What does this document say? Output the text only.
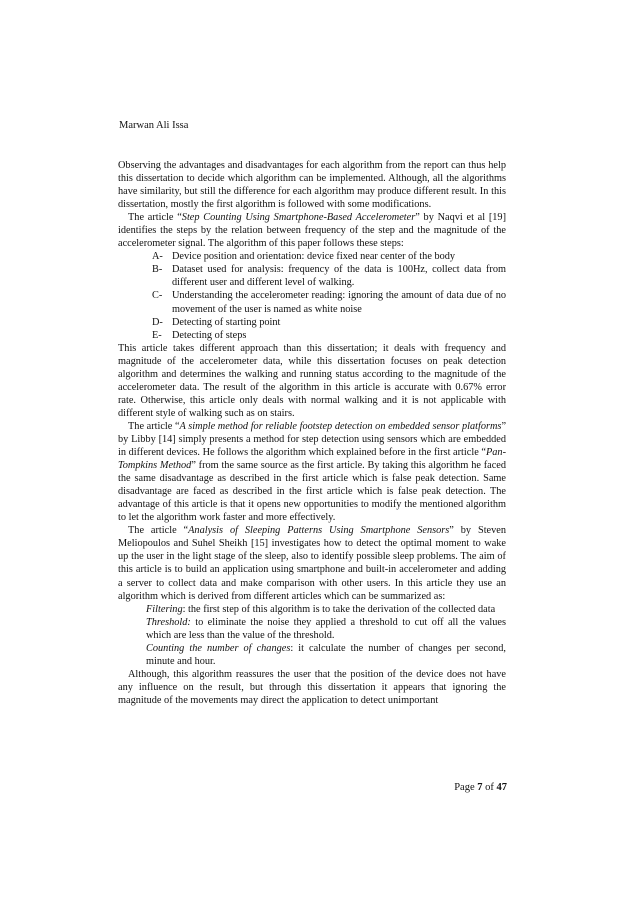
Marwan Ali Issa

Observing the advantages and disadvantages for each algorithm from the report can thus help this dissertation to decide which algorithm can be implemented. Although, all the algorithms have similarity, but still the difference for each algorithm may produce different result. In this dissertation, mostly the first algorithm is followed with some modifications.

The article “Step Counting Using Smartphone-Based Accelerometer” by Naqvi et al [19] identifies the steps by the relation between frequency of the step and the magnitude of the accelerometer signal. The algorithm of this paper follows these steps:

A- Device position and orientation: device fixed near center of the body
B- Dataset used for analysis: frequency of the data is 100Hz, collect data from different user and different level of walking.
C- Understanding the accelerometer reading: ignoring the amount of data due of no movement of the user is named as white noise
D- Detecting of starting point
E- Detecting of steps

This article takes different approach than this dissertation; it deals with frequency and magnitude of the accelerometer data, while this dissertation focuses on peak detection algorithm and determines the walking and running status according to the magnitude of the accelerometer data. The result of the algorithm in this article is accurate with 0.67% error rate. Otherwise, this article only deals with normal walking and it is not applicable with different style of walking such as on stairs.

The article “A simple method for reliable footstep detection on embedded sensor platforms” by Libby [14] simply presents a method for step detection using sensors which are embedded in different devices. He follows the algorithm which explained before in the first article “Pan-Tompkins Method” from the same source as the first article. By taking this algorithm he faced the same disadvantage as described in the first article which is false peak detection. Same disadvantage are faced as described in the first article which is false peak detection. The advantage of this article is that it opens new opportunities to modify the mentioned algorithm to let the algorithm work faster and more effectively.

The article “Analysis of Sleeping Patterns Using Smartphone Sensors” by Steven Meliopoulos and Suhel Sheikh [15] investigates how to detect the optimal moment to wake up the user in the light stage of the sleep, also to identify possible sleep problems. The aim of this article is to build an application using smartphone and built-in accelerometer and adding a server to collect data and make comparison with other users. In this article they use an algorithm which is derived from different articles which can be summarized as:

Filtering: the first step of this algorithm is to take the derivation of the collected data

Threshold: to eliminate the noise they applied a threshold to cut off all the values which are less than the value of the threshold.

Counting the number of changes: it calculate the number of changes per second, minute and hour.

Although, this algorithm reassures the user that the position of the device does not have any influence on the result, but through this dissertation it appears that ignoring the magnitude of the movements may direct the application to detect unimportant

Page 7 of 47
